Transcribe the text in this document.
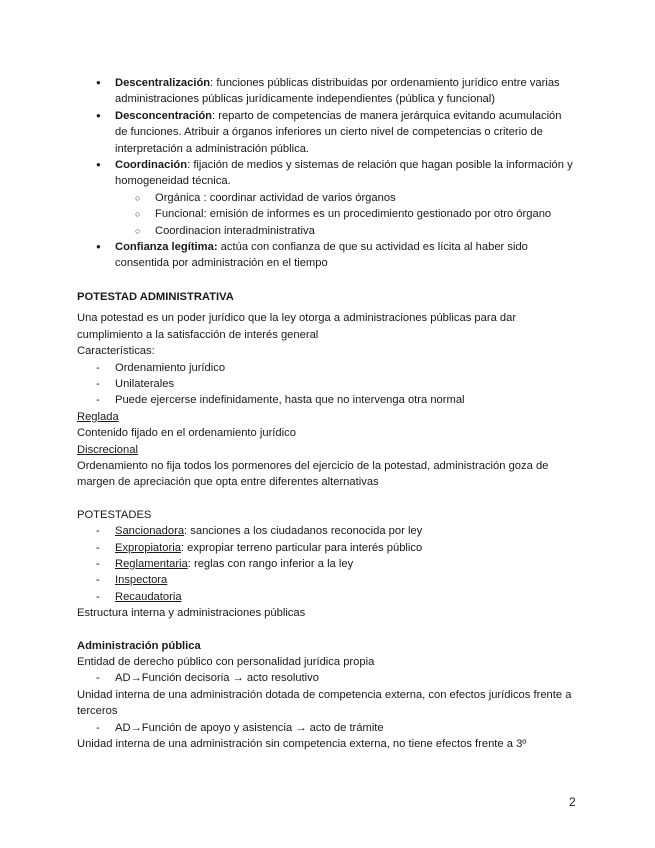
● Descentralización: funciones públicas distribuidas por ordenamiento jurídico entre varias administraciones públicas jurídicamente independientes (pública y funcional)
● Desconcentración: reparto de competencias de manera jerárquica evitando acumulación de funciones. Atribuir a órganos inferiores un cierto nivel de competencias o criterio de interpretación a administración pública.
● Coordinación: fijación de medios y sistemas de relación que hagan posible la información y homogeneidad técnica.
○ Orgánica : coordinar actividad de varios órganos
○ Funcional: emisión de informes es un procedimiento gestionado por otro órgano
○ Coordinacion interadministrativa
● Confianza legítima: actúa con confianza de que su actividad es lícita al haber sido consentida por administración en el tiempo

POTESTAD ADMINISTRATIVA

Una potestad es un poder jurídico que la ley otorga a administraciones públicas para dar cumplimiento a la satisfacción de interés general

Características:

- Ordenamiento jurídico
- Unilaterales
- Puede ejercerse indefinidamente, hasta que no intervenga otra normal

Reglada

Contenido fijado en el ordenamiento jurídico

Discrecional

Ordenamiento no fija todos los pormenores del ejercicio de la potestad, administración goza de margen de apreciación que opta entre diferentes alternativas

POTESTADES

- Sancionadora: sanciones a los ciudadanos reconocida por ley
- Expropiatoria: expropiar terreno particular para interés público
- Reglamentaria: reglas con rango inferior a la ley
- Inspectora
- Recaudatoria

Estructura interna y administraciones públicas

Administración pública

Entidad de derecho público con personalidad jurídica propia

- AD→Función decisoria → acto resolutivo

Unidad interna de una administración dotada de competencia externa, con efectos jurídicos frente a terceros

- AD→Función de apoyo y asistencia → acto de trámite

Unidad interna de una administración sin competencia externa, no tiene efectos frente a 3º

2
